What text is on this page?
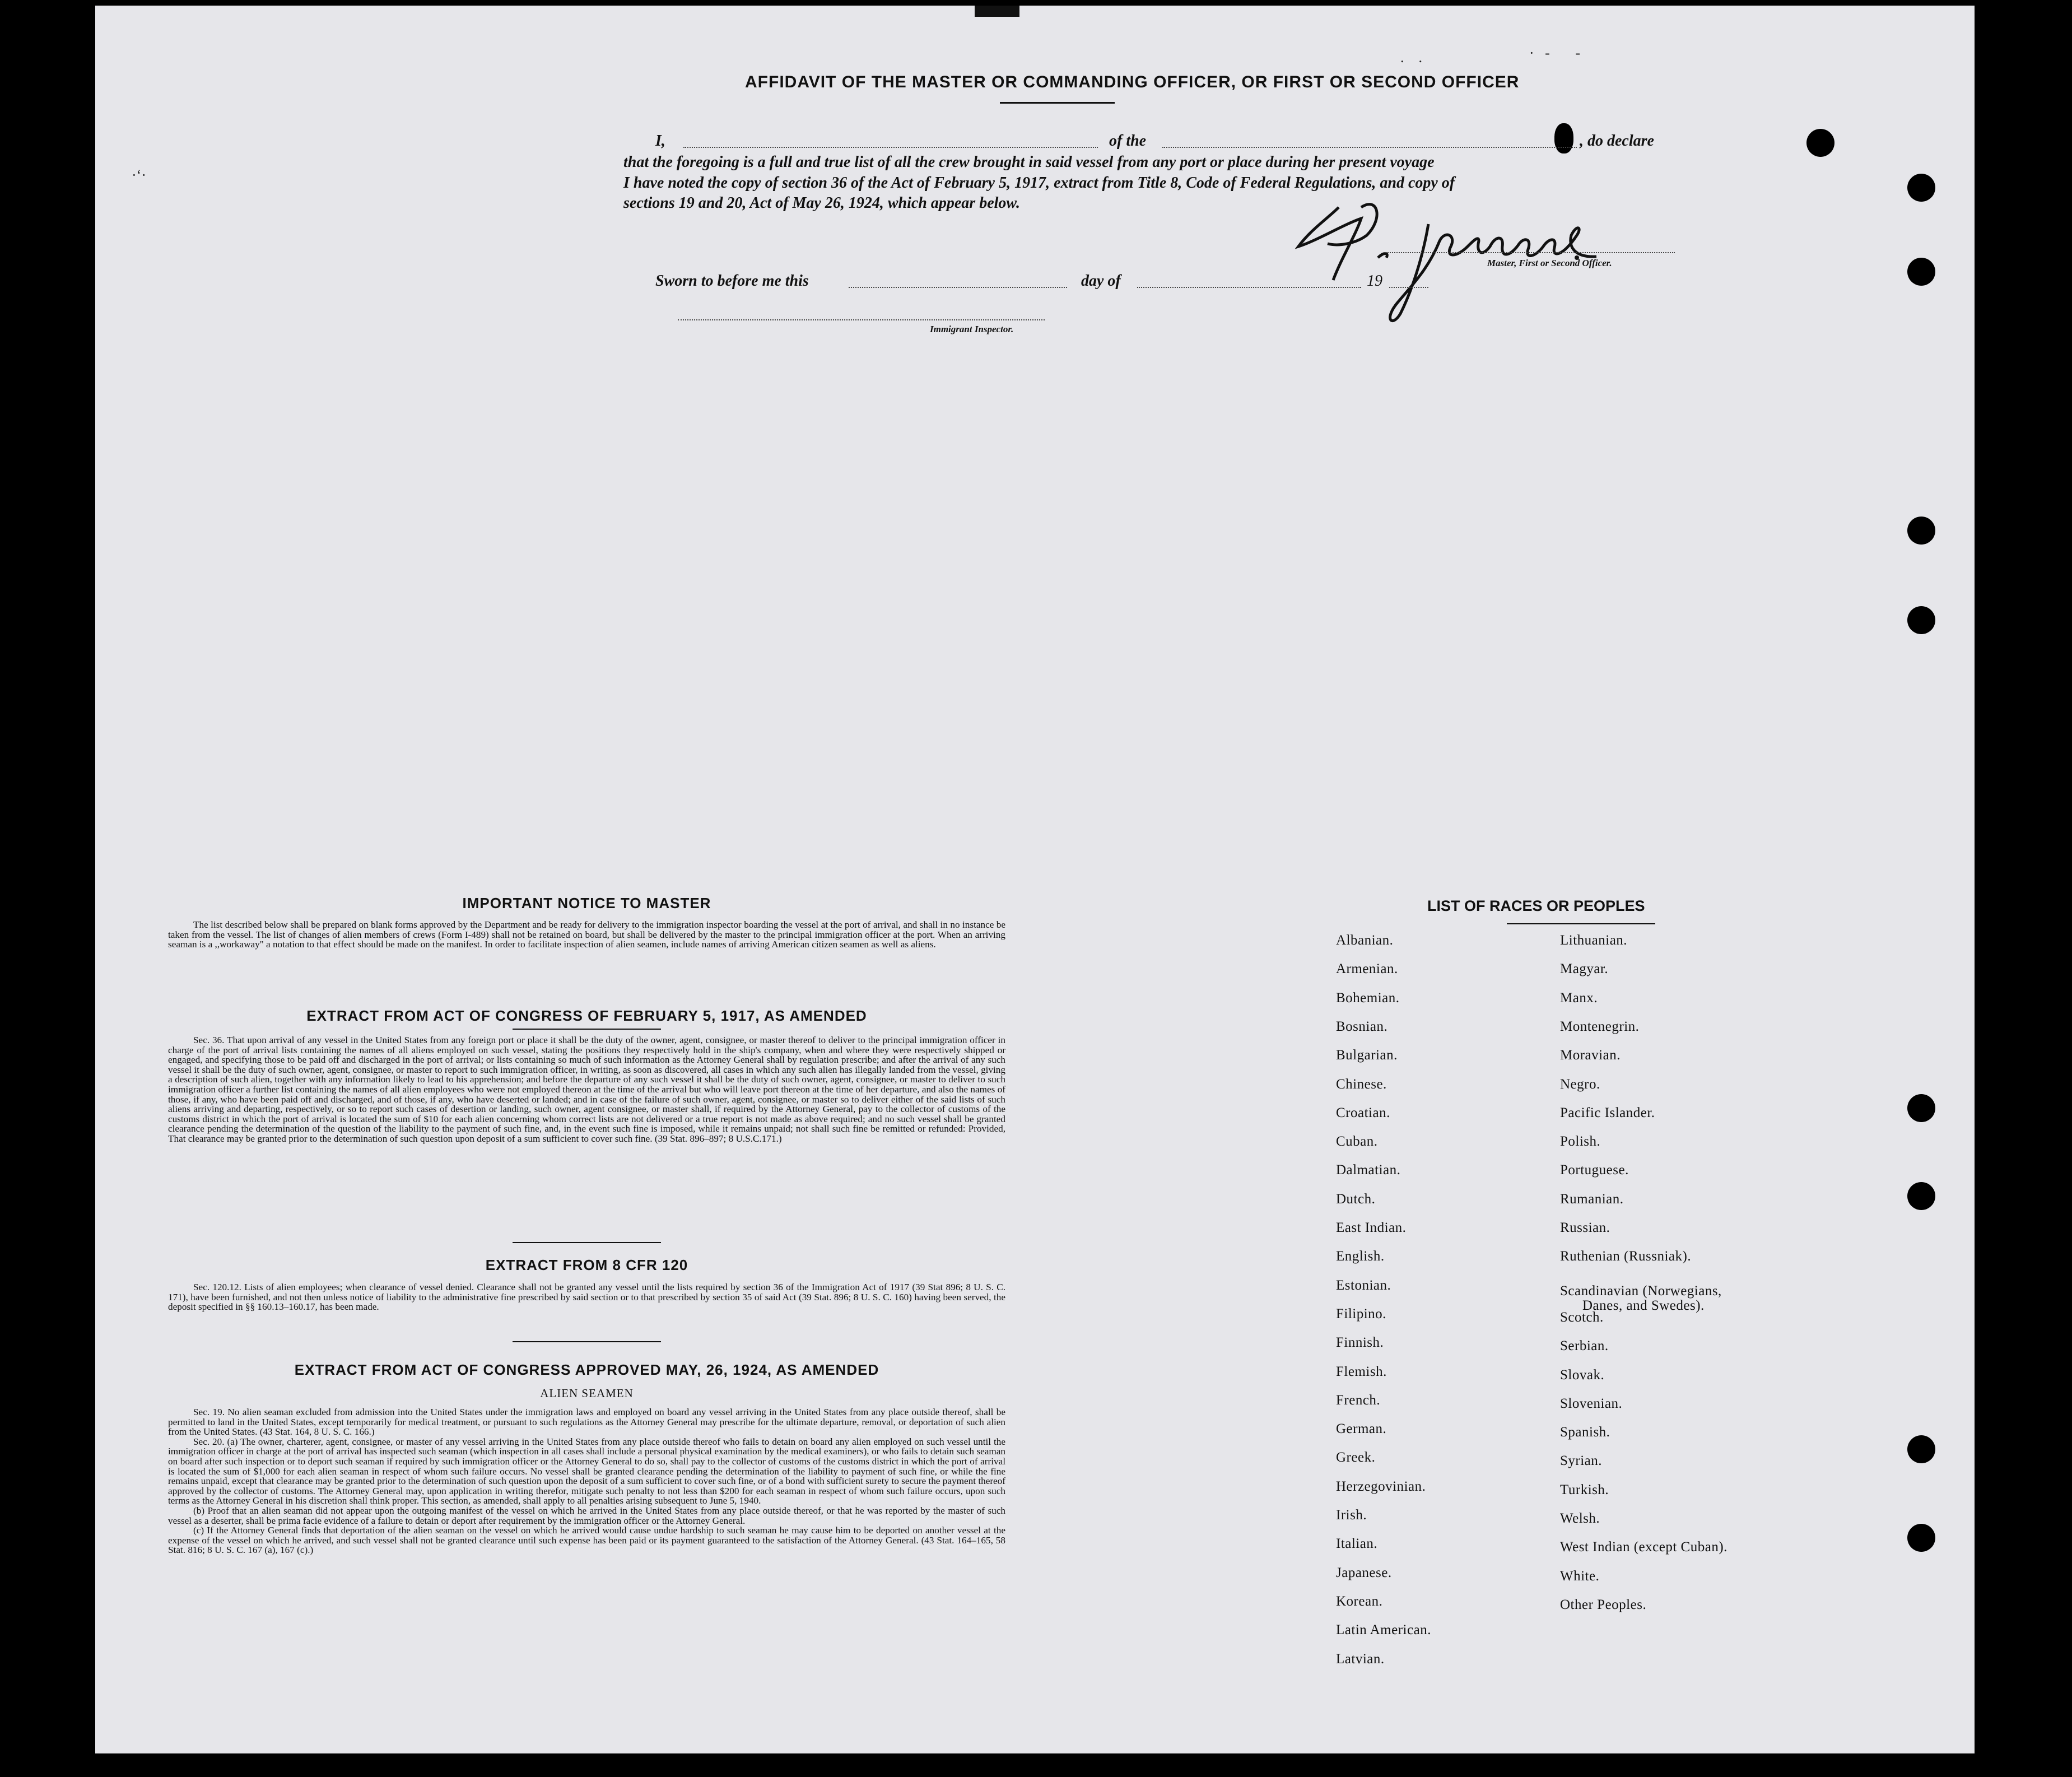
·‘·
.    .	·   ‐       ‐
AFFIDAVIT OF THE MASTER OR COMMANDING OFFICER, OR FIRST OR SECOND OFFICER
I,	of the	, do declare
that the foregoing is a full and true list of all the crew brought in said vessel from any port or place during her present voyage
I have noted the copy of section 36 of the Act of February 5, 1917, extract from Title 8, Code of Federal Regulations, and copy of
sections 19 and 20, Act of May 26, 1924, which appear below.
Master, First or Second Officer.
Sworn to before me this	day of	19
Immigrant Inspector.
IMPORTANT NOTICE TO MASTER

The list described below shall be prepared on blank forms approved by the Department and be ready for delivery to the immigration inspector boarding the vessel at the port of arrival, and shall in no instance be taken from the vessel. The list of changes of alien members of crews (Form I-489) shall not be retained on board, but shall be delivered by the master to the principal immigration officer at the port. When an arriving seaman is a ,,workaway" a notation to that effect should be made on the manifest. In order to facilitate inspection of alien seamen, include names of arriving American citizen seamen as well as aliens.

EXTRACT FROM ACT OF CONGRESS OF FEBRUARY 5, 1917, AS AMENDED

Sec. 36. That upon arrival of any vessel in the United States from any foreign port or place it shall be the duty of the owner, agent, consignee, or master thereof to deliver to the principal immigration officer in charge of the port of arrival lists containing the names of all aliens employed on such vessel, stating the positions they respectively hold in the ship's company, when and where they were respectively shipped or engaged, and specifying those to be paid off and discharged in the port of arrival; or lists containing so much of such information as the Attorney General shall by regulation prescribe; and after the arrival of any such vessel it shall be the duty of such owner, agent, consignee, or master to report to such immigration officer, in writing, as soon as discovered, all cases in which any such alien has illegally landed from the vessel, giving a description of such alien, together with any information likely to lead to his apprehension; and before the departure of any such vessel it shall be the duty of such owner, agent, consignee, or master to deliver to such immigration officer a further list containing the names of all alien employees who were not employed thereon at the time of the arrival but who will leave port thereon at the time of her departure, and also the names of those, if any, who have been paid off and discharged, and of those, if any, who have deserted or landed; and in case of the failure of such owner, agent, consignee, or master so to deliver either of the said lists of such aliens arriving and departing, respectively, or so to report such cases of desertion or landing, such owner, agent consignee, or master shall, if required by the Attorney General, pay to the collector of customs of the customs district in which the port of arrival is located the sum of $10 for each alien concerning whom correct lists are not delivered or a true report is not made as above required; and no such vessel shall be granted clearance pending the determination of the question of the liability to the payment of such fine, and, in the event such fine is imposed, while it remains unpaid; not shall such fine be remitted or refunded: Provided, That clearance may be granted prior to the determination of such question upon deposit of a sum sufficient to cover such fine. (39 Stat. 896–897; 8 U.S.C.171.)

EXTRACT FROM 8 CFR 120

Sec. 120.12. Lists of alien employees; when clearance of vessel denied. Clearance shall not be granted any vessel until the lists required by section 36 of the Immigration Act of 1917 (39 Stat 896; 8 U. S. C. 171), have been furnished, and not then unless notice of liability to the administrative fine prescribed by said section or to that prescribed by section 35 of said Act (39 Stat. 896; 8 U. S. C. 160) having been served, the deposit specified in §§ 160.13–160.17, has been made.

EXTRACT FROM ACT OF CONGRESS APPROVED MAY, 26, 1924, AS AMENDED
ALIEN SEAMEN

Sec. 19. No alien seaman excluded from admission into the United States under the immigration laws and employed on board any vessel arriving in the United States from any place outside thereof, shall be permitted to land in the United States, except temporarily for medical treatment, or pursuant to such regulations as the Attorney General may prescribe for the ultimate departure, removal, or deportation of such alien from the United States. (43 Stat. 164, 8 U. S. C. 166.)

Sec. 20. (a) The owner, charterer, agent, consignee, or master of any vessel arriving in the United States from any place outside thereof who fails to detain on board any alien employed on such vessel until the immigration officer in charge at the port of arrival has inspected such seaman (which inspection in all cases shall include a personal physical examination by the medical examiners), or who fails to detain such seaman on board after such inspection or to deport such seaman if required by such immigration officer or the Attorney General to do so, shall pay to the collector of customs of the customs district in which the port of arrival is located the sum of $1,000 for each alien seaman in respect of whom such failure occurs. No vessel shall be granted clearance pending the determination of the liability to payment of such fine, or while the fine remains unpaid, except that clearance may be granted prior to the determination of such question upon the deposit of a sum sufficient to cover such fine, or of a bond with sufficient surety to secure the payment thereof approved by the collector of customs. The Attorney General may, upon application in writing therefor, mitigate such penalty to not less than $200 for each seaman in respect of whom such failure occurs, upon such terms as the Attorney General in his discretion shall think proper. This section, as amended, shall apply to all penalties arising subsequent to June 5, 1940.

(b) Proof that an alien seaman did not appear upon the outgoing manifest of the vessel on which he arrived in the United States from any place outside thereof, or that he was reported by the master of such vessel as a deserter, shall be prima facie evidence of a failure to detain or deport after requirement by the immigration officer or the Attorney General.

(c) If the Attorney General finds that deportation of the alien seaman on the vessel on which he arrived would cause undue hardship to such seaman he may cause him to be deported on another vessel at the expense of the vessel on which he arrived, and such vessel shall not be granted clearance until such expense has been paid or its payment guaranteed to the satisfaction of the Attorney General. (43 Stat. 164–165, 58 Stat. 816; 8 U. S. C. 167 (a), 167 (c).)

LIST OF RACES OR PEOPLES
Albanian.
Armenian.
Bohemian.
Bosnian.
Bulgarian.
Chinese.
Croatian.
Cuban.
Dalmatian.
Dutch.
East Indian.
English.
Estonian.
Filipino.
Finnish.
Flemish.
French.
German.
Greek.
Herzegovinian.
Irish.
Italian.
Japanese.
Korean.
Latin American.
Latvian.
Lithuanian.
Magyar.
Manx.
Montenegrin.
Moravian.
Negro.
Pacific Islander.
Polish.
Portuguese.
Rumanian.
Russian.
Ruthenian (Russniak).
Scandinavian (Norwegians,
Danes, and Swedes).
Scotch.
Serbian.
Slovak.
Slovenian.
Spanish.
Syrian.
Turkish.
Welsh.
West Indian (except Cuban).
White.
Other Peoples.
